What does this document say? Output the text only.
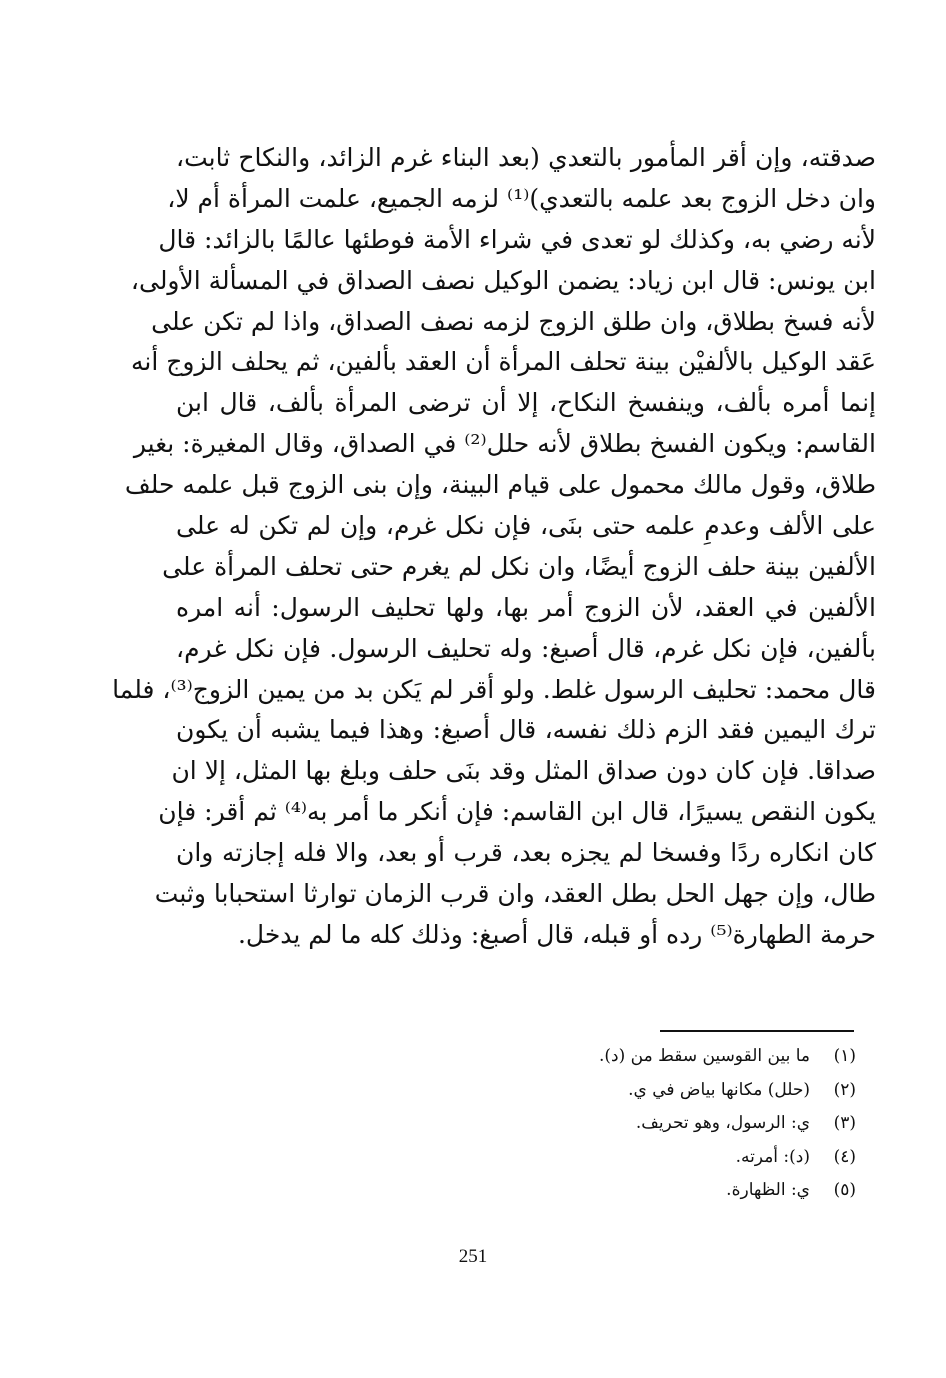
صدقته، وإن أقر المأمور بالتعدي (بعد البناء غرم الزائد، والنكاح ثابت،
وان دخل الزوج بعد علمه بالتعدي)⁽¹⁾ لزمه الجميع، علمت المرأة أم لا،
لأنه رضي به، وكذلك لو تعدى في شراء الأمة فوطئها عالمًا بالزائد: قال
ابن يونس: قال ابن زياد: يضمن الوكيل نصف الصداق في المسألة الأولى،
لأنه فسخ بطلاق، وان طلق الزوج لزمه نصف الصداق، واذا لم تكن على
عَقد الوكيل بالألفيْن بينة تحلف المرأة أن العقد بألفين، ثم يحلف الزوج أنه
إنما أمره بألف، وينفسخ النكاح، إلا أن ترضى المرأة بألف، قال ابن
القاسم: ويكون الفسخ بطلاق لأنه حلل⁽²⁾ في الصداق، وقال المغيرة: بغير
طلاق، وقول مالك محمول على قيام البينة، وإن بنى الزوج قبل علمه حلف
على الألف وعدمِ علمه حتى بنَى، فإن نكل غرم، وإن لم تكن له على
الألفين بينة حلف الزوج أيضًا، وان نكل لم يغرم حتى تحلف المرأة على
الألفين في العقد، لأن الزوج أمر بها، ولها تحليف الرسول: أنه امره
بألفين، فإن نكل غرم، قال أصبغ: وله تحليف الرسول. فإن نكل غرم،
قال محمد: تحليف الرسول غلط. ولو أقر لم يَكن بد من يمين الزوج⁽³⁾، فلما
ترك اليمين فقد الزم ذلك نفسه، قال أصبغ: وهذا فيما يشبه أن يكون
صداقا. فإن كان دون صداق المثل وقد بنَى حلف وبلغ بها المثل، إلا ان
يكون النقص يسيرًا، قال ابن القاسم: فإن أنكر ما أمر به⁽⁴⁾ ثم أقر: فإن
كان انكاره ردًا وفسخا لم يجزه بعد، قرب أو بعد، والا فله إجازته وان
طال، وإن جهل الحل بطل العقد، وان قرب الزمان توارثا استحبابا وثبت
حرمة الطهارة⁽⁵⁾ رده أو قبله، قال أصبغ: وذلك كله ما لم يدخل.
(١)ما بين القوسين سقط من (د).
(٢)(حلل) مكانها بياض في ي.
(٣)ي: الرسول، وهو تحريف.
(٤)(د): أمرته.
(٥)ي: الظهارة.
251
